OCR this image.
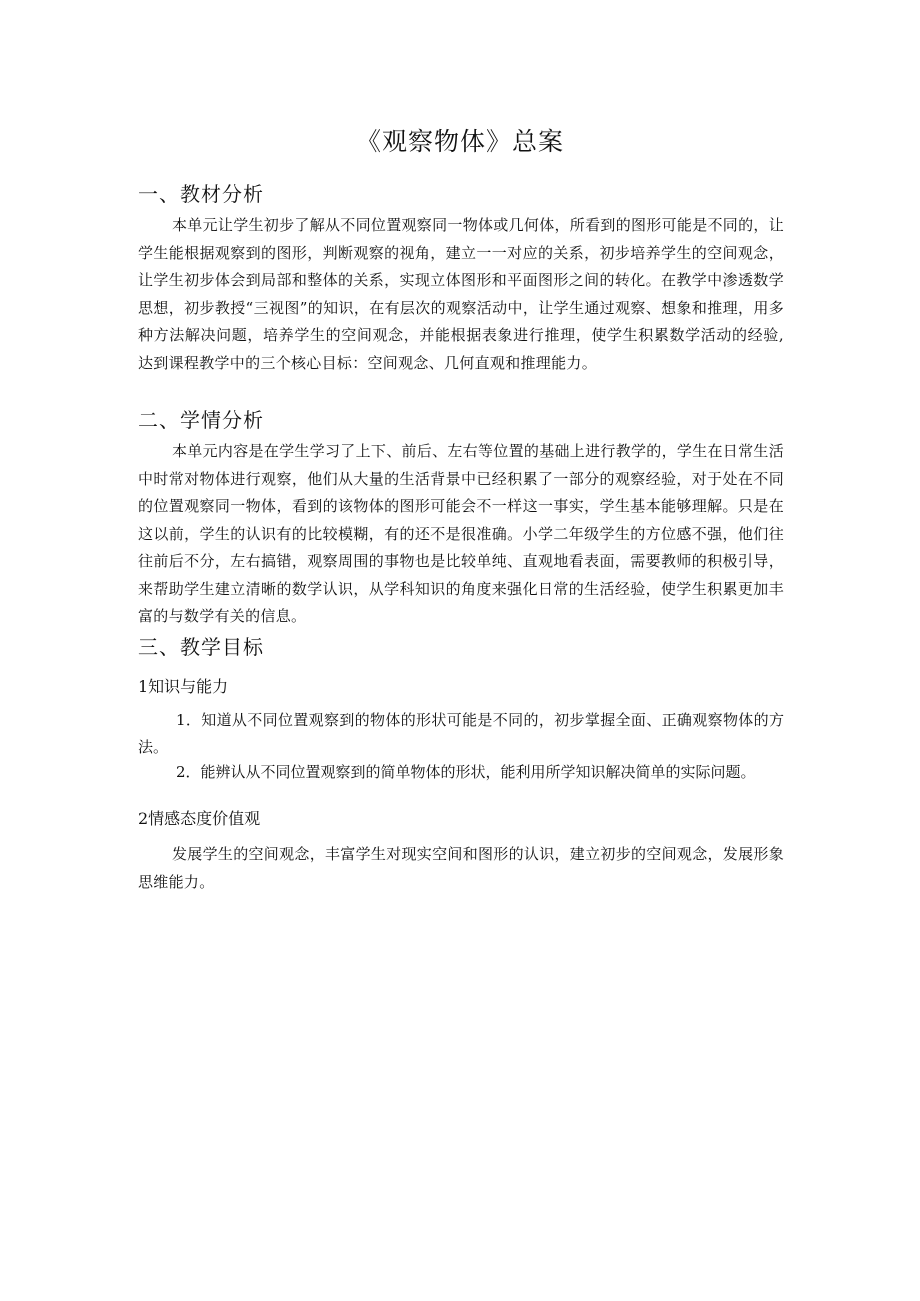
《观察物体》总案
一、教材分析
本单元让学生初步了解从不同位置观察同一物体或几何体，所看到的图形可能是不同的，让学生能根据观察到的图形，判断观察的视角，建立一一对应的关系，初步培养学生的空间观念，让学生初步体会到局部和整体的关系，实现立体图形和平面图形之间的转化。在教学中渗透数学思想，初步教授“三视图”的知识，在有层次的观察活动中，让学生通过观察、想象和推理，用多种方法解决问题，培养学生的空间观念，并能根据表象进行推理，使学生积累数学活动的经验,达到课程教学中的三个核心目标：空间观念、几何直观和推理能力。
二、学情分析
本单元内容是在学生学习了上下、前后、左右等位置的基础上进行教学的，学生在日常生活中时常对物体进行观察，他们从大量的生活背景中已经积累了一部分的观察经验，对于处在不同的位置观察同一物体，看到的该物体的图形可能会不一样这一事实，学生基本能够理解。只是在这以前，学生的认识有的比较模糊，有的还不是很准确。小学二年级学生的方位感不强，他们往往前后不分，左右搞错，观察周围的事物也是比较单纯、直观地看表面，需要教师的积极引导，来帮助学生建立清晰的数学认识，从学科知识的角度来强化日常的生活经验，使学生积累更加丰富的与数学有关的信息。
三、教学目标
1知识与能力
1．知道从不同位置观察到的物体的形状可能是不同的，初步掌握全面、正确观察物体的方法。
2．能辨认从不同位置观察到的简单物体的形状，能利用所学知识解决简单的实际问题。
2情感态度价值观
发展学生的空间观念，丰富学生对现实空间和图形的认识，建立初步的空间观念，发展形象思维能力。
